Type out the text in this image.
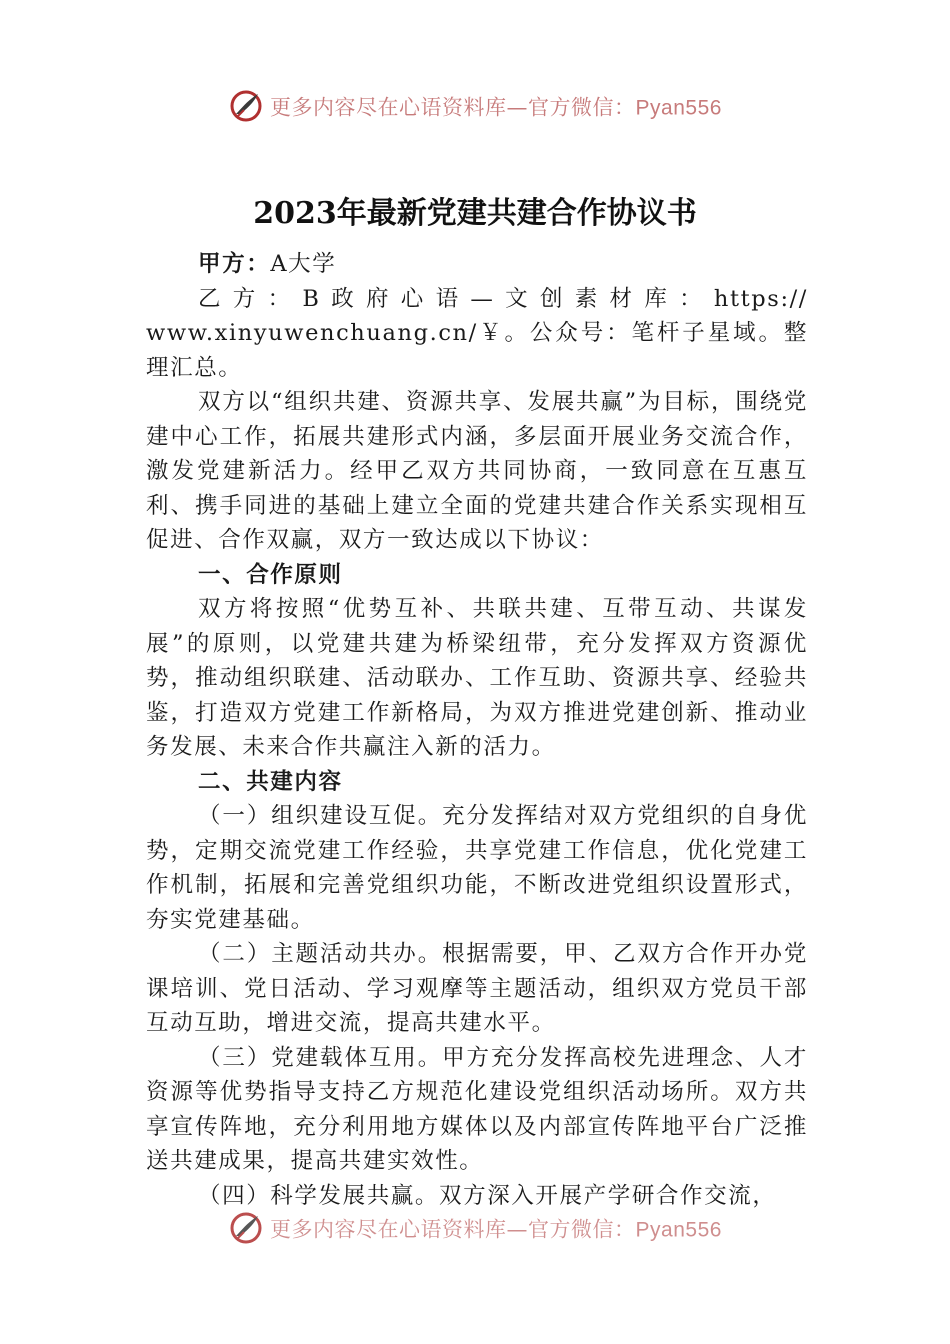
更多内容尽在心语资料库—官方微信：Pyan556
2023年最新党建共建合作协议书

甲方：A大学

乙方：B政府心语—文创素材库：https://

www.xinyuwenchuang.cn/￥。公众号：笔杆子星域。整理汇总。

双方以“组织共建、资源共享、发展共赢”为目标，围绕党建中心工作，拓展共建形式内涵，多层面开展业务交流合作，激发党建新活力。经甲乙双方共同协商，一致同意在互惠互利、携手同进的基础上建立全面的党建共建合作关系实现相互促进、合作双赢，双方一致达成以下协议：

一、合作原则

双方将按照“优势互补、共联共建、互带互动、共谋发展”的原则，以党建共建为桥梁纽带，充分发挥双方资源优势，推动组织联建、活动联办、工作互助、资源共享、经验共鉴，打造双方党建工作新格局，为双方推进党建创新、推动业务发展、未来合作共赢注入新的活力。

二、共建内容

（一）组织建设互促。充分发挥结对双方党组织的自身优势，定期交流党建工作经验，共享党建工作信息，优化党建工作机制，拓展和完善党组织功能，不断改进党组织设置形式，夯实党建基础。

（二）主题活动共办。根据需要，甲、乙双方合作开办党课培训、党日活动、学习观摩等主题活动，组织双方党员干部互动互助，增进交流，提高共建水平。

（三）党建载体互用。甲方充分发挥高校先进理念、人才资源等优势指导支持乙方规范化建设党组织活动场所。双方共享宣传阵地，充分利用地方媒体以及内部宣传阵地平台广泛推送共建成果，提高共建实效性。

（四）科学发展共赢。双方深入开展产学研合作交流，

更多内容尽在心语资料库—官方微信：Pyan556
